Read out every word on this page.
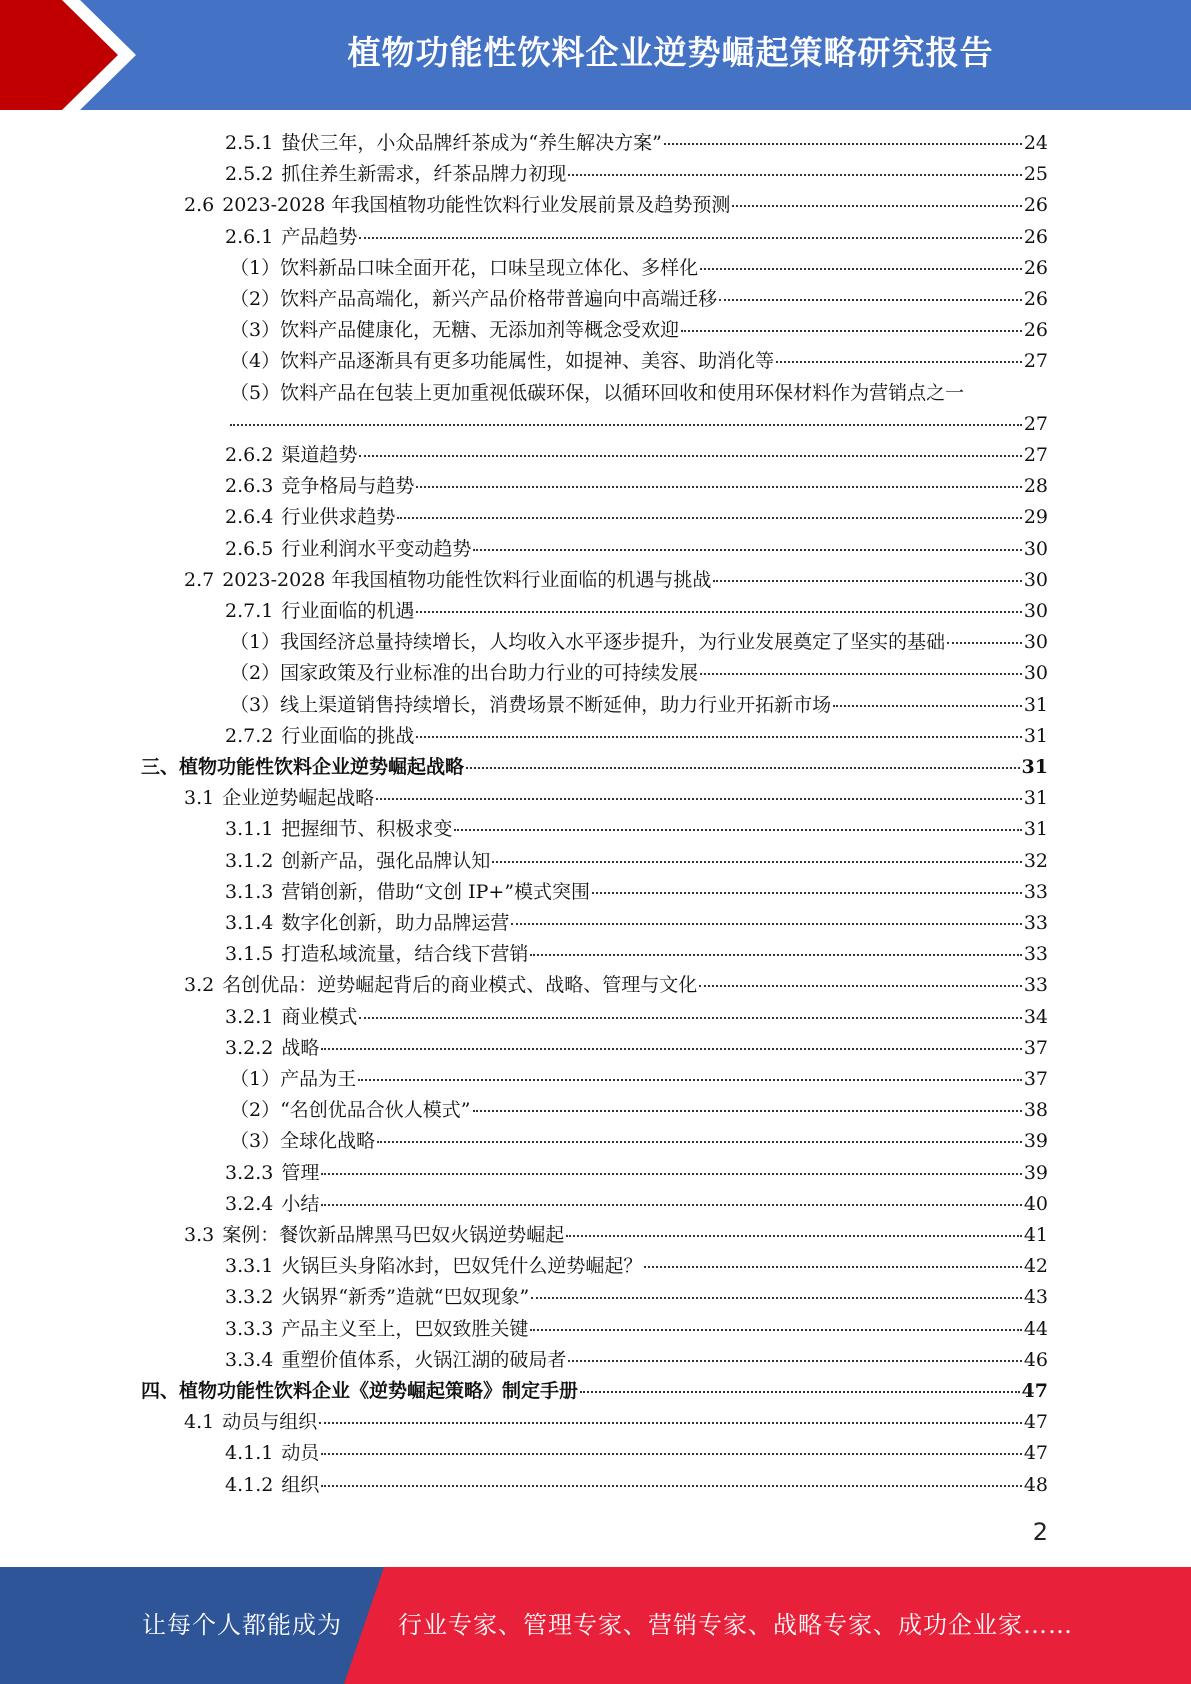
植物功能性饮料企业逆势崛起策略研究报告
2.5.1 蛰伏三年，小众品牌纤茶成为“养生解决方案”	24
2.5.2 抓住养生新需求，纤茶品牌力初现	25
2.6 2023-2028 年我国植物功能性饮料行业发展前景及趋势预测	26
2.6.1 产品趋势	26
（1）饮料新品口味全面开花，口味呈现立体化、多样化	26
（2）饮料产品高端化，新兴产品价格带普遍向中高端迁移	26
（3）饮料产品健康化，无糖、无添加剂等概念受欢迎	26
（4）饮料产品逐渐具有更多功能属性，如提神、美容、助消化等	27
（5）饮料产品在包装上更加重视低碳环保，以循环回收和使用环保材料作为营销点之一
27
2.6.2 渠道趋势	27
2.6.3 竞争格局与趋势	28
2.6.4 行业供求趋势	29
2.6.5 行业利润水平变动趋势	30
2.7 2023-2028 年我国植物功能性饮料行业面临的机遇与挑战	30
2.7.1 行业面临的机遇	30
（1）我国经济总量持续增长，人均收入水平逐步提升，为行业发展奠定了坚实的基础	30
（2）国家政策及行业标准的出台助力行业的可持续发展	30
（3）线上渠道销售持续增长，消费场景不断延伸，助力行业开拓新市场	31
2.7.2 行业面临的挑战	31
三、植物功能性饮料企业逆势崛起战略	31
3.1 企业逆势崛起战略	31
3.1.1 把握细节、积极求变	31
3.1.2 创新产品，强化品牌认知	32
3.1.3 营销创新，借助“文创 IP+”模式突围	33
3.1.4 数字化创新，助力品牌运营	33
3.1.5 打造私域流量，结合线下营销	33
3.2 名创优品：逆势崛起背后的商业模式、战略、管理与文化	33
3.2.1 商业模式	34
3.2.2 战略	37
（1）产品为王	37
（2）“名创优品合伙人模式”	38
（3）全球化战略	39
3.2.3 管理	39
3.2.4 小结	40
3.3 案例：餐饮新品牌黑马巴奴火锅逆势崛起	41
3.3.1 火锅巨头身陷冰封，巴奴凭什么逆势崛起？	42
3.3.2 火锅界“新秀”造就“巴奴现象”	43
3.3.3 产品主义至上，巴奴致胜关键	44
3.3.4 重塑价值体系，火锅江湖的破局者	46
四、植物功能性饮料企业《逆势崛起策略》制定手册	47
4.1 动员与组织	47
4.1.1 动员	47
4.1.2 组织	48
2
让每个人都能成为 行业专家、管理专家、营销专家、战略专家、成功企业家……
